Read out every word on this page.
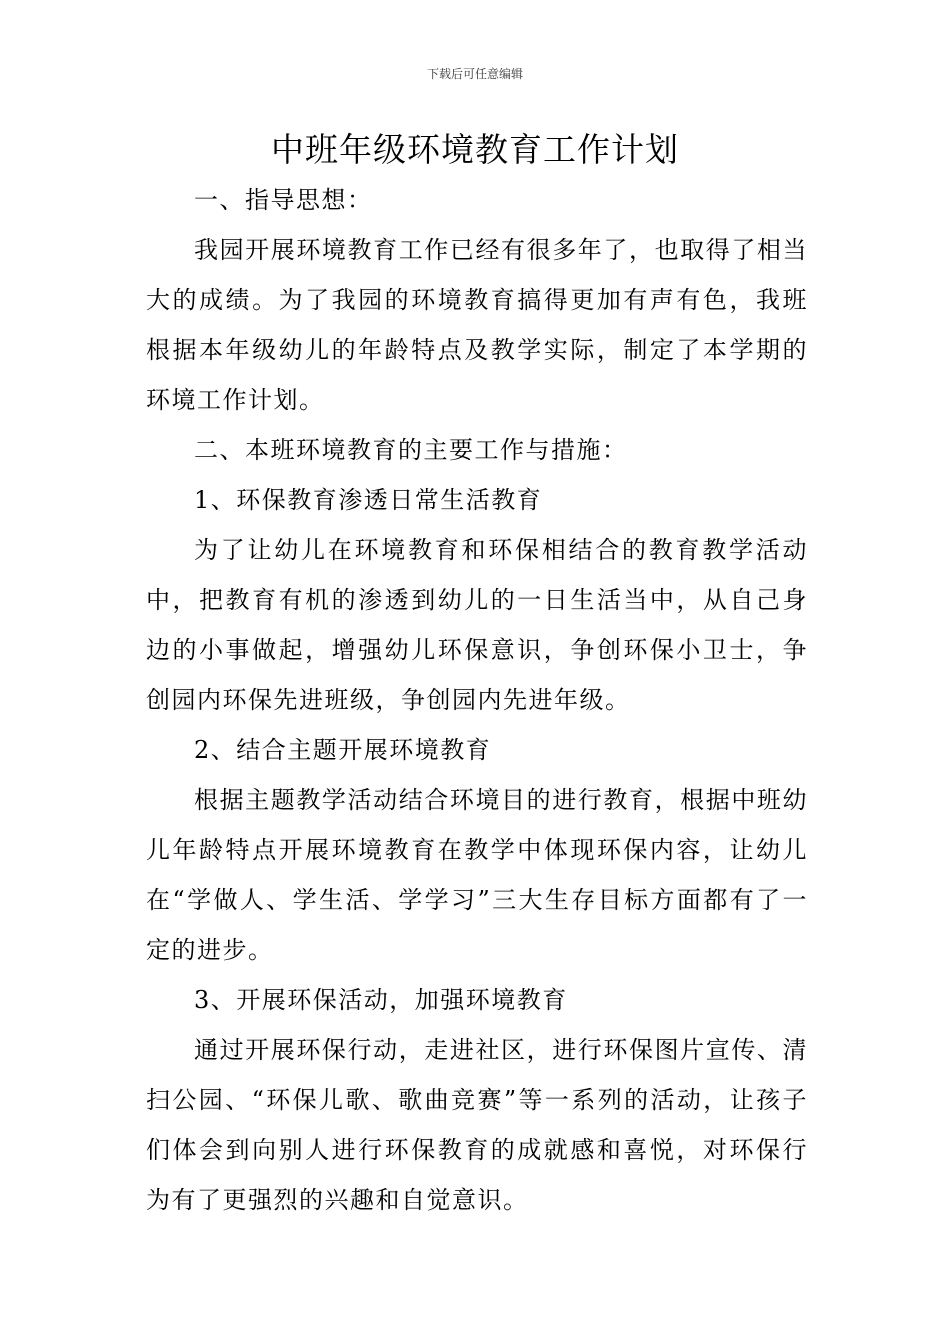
下载后可任意编辑
中班年级环境教育工作计划

一、指导思想：

我园开展环境教育工作已经有很多年了，也取得了相当大的成绩。为了我园的环境教育搞得更加有声有色，我班根据本年级幼儿的年龄特点及教学实际，制定了本学期的环境工作计划。

二、本班环境教育的主要工作与措施：

1、环保教育渗透日常生活教育

为了让幼儿在环境教育和环保相结合的教育教学活动中，把教育有机的渗透到幼儿的一日生活当中，从自己身边的小事做起，增强幼儿环保意识，争创环保小卫士，争创园内环保先进班级，争创园内先进年级。

2、结合主题开展环境教育

根据主题教学活动结合环境目的进行教育，根据中班幼儿年龄特点开展环境教育在教学中体现环保内容，让幼儿在“学做人、学生活、学学习”三大生存目标方面都有了一定的进步。

3、开展环保活动，加强环境教育

通过开展环保行动，走进社区，进行环保图片宣传、清扫公园、“环保儿歌、歌曲竞赛”等一系列的活动，让孩子们体会到向别人进行环保教育的成就感和喜悦，对环保行为有了更强烈的兴趣和自觉意识。
